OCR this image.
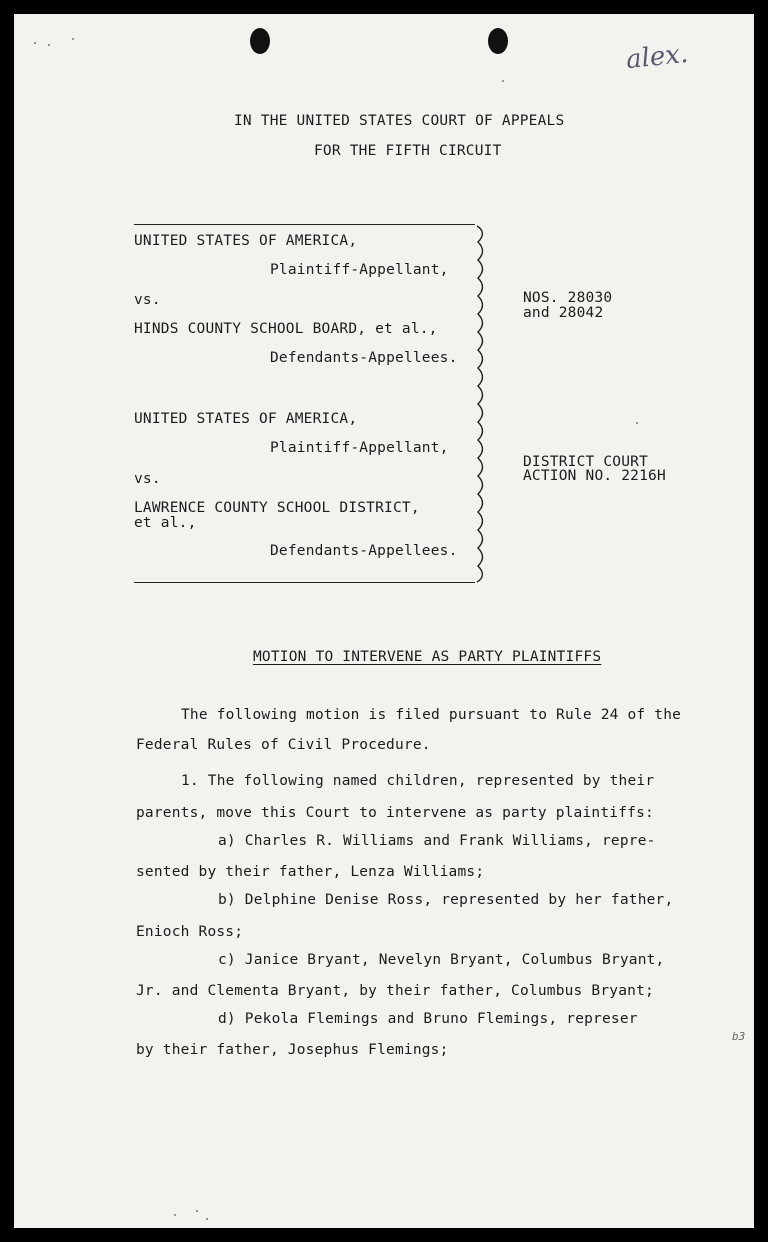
alex.
IN THE UNITED STATES COURT OF APPEALS
FOR THE FIFTH CIRCUIT
UNITED STATES OF AMERICA,
Plaintiff-Appellant,
vs.
HINDS COUNTY SCHOOL BOARD, et al.,
Defendants-Appellees.
UNITED STATES OF AMERICA,
Plaintiff-Appellant,
vs.
LAWRENCE COUNTY SCHOOL DISTRICT,
et al.,
Defendants-Appellees.
NOS. 28030
and 28042
DISTRICT COURT
ACTION NO. 2216H
MOTION TO INTERVENE AS PARTY PLAINTIFFS
The following motion is filed pursuant to Rule 24 of the
Federal Rules of Civil Procedure.
1. The following named children, represented by their
parents, move this Court to intervene as party plaintiffs:
a) Charles R. Williams and Frank Williams, repre-
sented by their father, Lenza Williams;
b) Delphine Denise Ross, represented by her father,
Enioch Ross;
c) Janice Bryant, Nevelyn Bryant, Columbus Bryant,
Jr. and Clementa Bryant, by their father, Columbus Bryant;
d) Pekola Flemings and Bruno Flemings, represer
by their father, Josephus Flemings;
b3
